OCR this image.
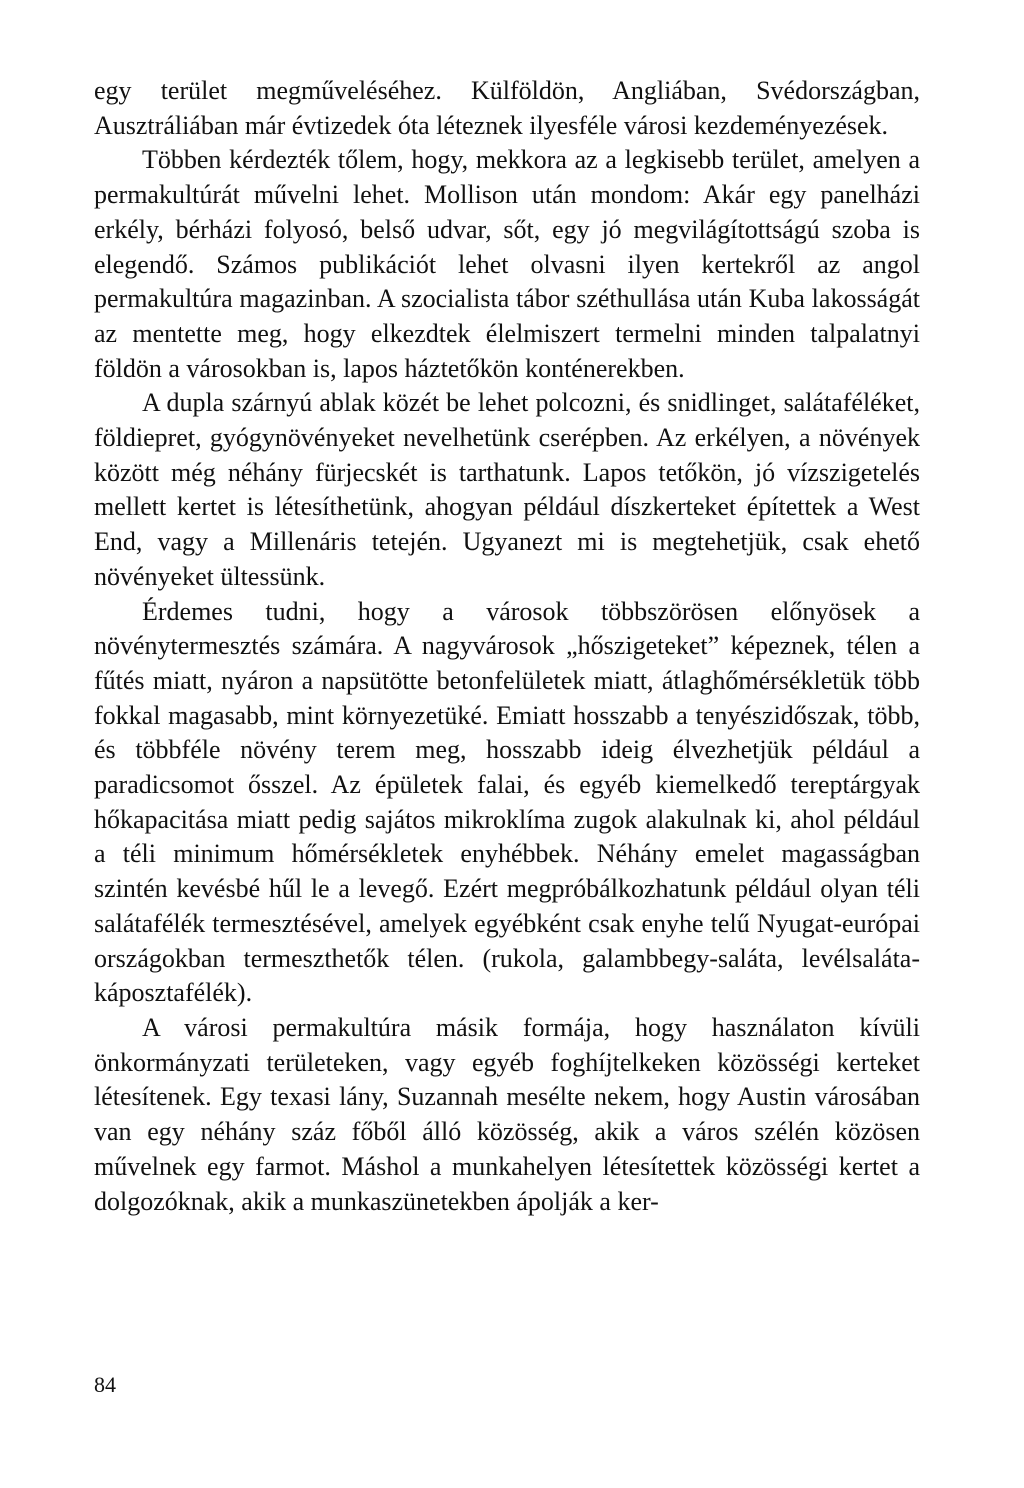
egy terület megműveléséhez. Külföldön, Angliában, Svédországban, Ausztráliában már évtizedek óta léteznek ilyesféle városi kezdeményezések.

Többen kérdezték tőlem, hogy, mekkora az a legkisebb terület, amelyen a permakultúrát művelni lehet. Mollison után mondom: Akár egy panelházi erkély, bérházi folyosó, belső udvar, sőt, egy jó megvilágítottságú szoba is elegendő. Számos publikációt lehet olvasni ilyen kertekről az angol permakultúra magazinban. A szocialista tábor széthullása után Kuba lakosságát az mentette meg, hogy elkezdtek élelmiszert termelni minden talpalatnyi földön a városokban is, lapos háztetőkön konténerekben.

A dupla szárnyú ablak közét be lehet polcozni, és snidlinget, salátaféléket, földiepret, gyógynövényeket nevelhetünk cserépben. Az erkélyen, a növények között még néhány fürjecskét is tarthatunk. Lapos tetőkön, jó vízszigetelés mellett kertet is létesíthetünk, ahogyan például díszkerteket építettek a West End, vagy a Millenáris tetején. Ugyanezt mi is megtehetjük, csak ehető növényeket ültessünk.

Érdemes tudni, hogy a városok többszörösen előnyösek a növénytermesztés számára. A nagyvárosok „hőszigeteket” képeznek, télen a fűtés miatt, nyáron a napsütötte betonfelületek miatt, átlaghőmérsékletük több fokkal magasabb, mint környezetüké. Emiatt hosszabb a tenyészidőszak, több, és többféle növény terem meg, hosszabb ideig élvezhetjük például a paradicsomot ősszel. Az épületek falai, és egyéb kiemelkedő tereptárgyak hőkapacitása miatt pedig sajátos mikroklíma zugok alakulnak ki, ahol például a téli minimum hőmérsékletek enyhébbek. Néhány emelet magasságban szintén kevésbé hűl le a levegő. Ezért megpróbálkozhatunk például olyan téli salátafélék termesztésével, amelyek egyébként csak enyhe telű Nyugat-európai országokban termeszthetők télen. (rukola, galambbegy-saláta, levélsaláta-káposztafélék).

A városi permakultúra másik formája, hogy használaton kívüli önkormányzati területeken, vagy egyéb foghíjtelkeken közösségi kerteket létesítenek. Egy texasi lány, Suzannah mesélte nekem, hogy Austin városában van egy néhány száz főből álló közösség, akik a város szélén közösen művelnek egy farmot. Máshol a munkahelyen létesítettek közösségi kertet a dolgozóknak, akik a munkaszünetekben ápolják a ker-

84
